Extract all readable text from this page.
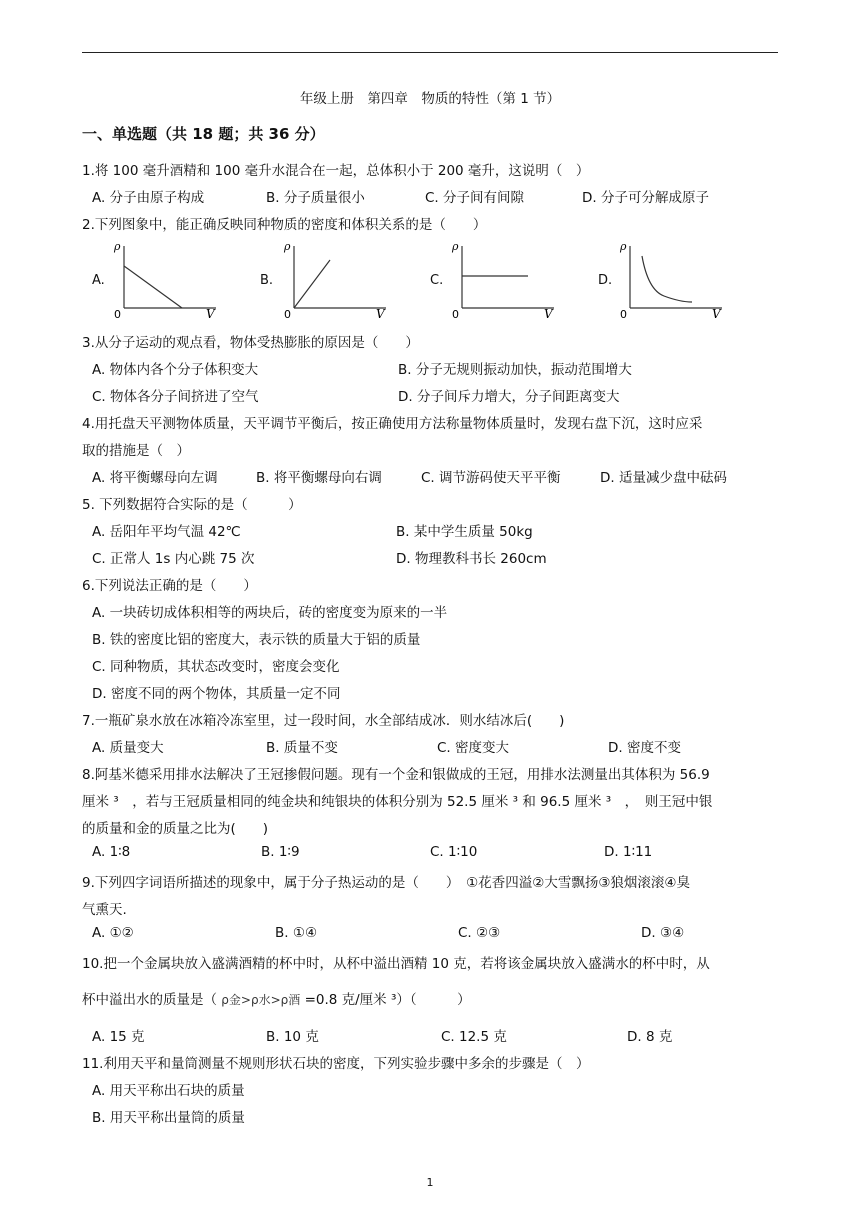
年级上册　第四章　物质的特性（第 1 节）
一、单选题（共 18 题；共 36 分）
1.将 100 毫升酒精和 100 毫升水混合在一起，总体积小于 200 毫升，这说明（　）
A. 分子由原子构成	B. 分子质量很小	C. 分子间有间隙	D. 分子可分解成原子
2.下列图象中，能正确反映同种物质的密度和体积关系的是（　　）
A.	B.	C.	D.
ρ
V
0
ρ
V
0
ρ
V
0
ρ
V
0
3.从分子运动的观点看，物体受热膨胀的原因是（　　）
A. 物体内各个分子体积变大	B. 分子无规则振动加快，振动范围增大
C. 物体各分子间挤进了空气	D. 分子间斥力增大，分子间距离变大
4.用托盘天平测物体质量，天平调节平衡后，按正确使用方法称量物体质量时，发现右盘下沉，这时应采
取的措施是（　）
A. 将平衡螺母向左调	B. 将平衡螺母向右调	C. 调节游码使天平平衡	D. 适量减少盘中砝码
5. 下列数据符合实际的是（　　　）
A. 岳阳年平均气温 42℃	B. 某中学生质量 50kg
C. 正常人 1s 内心跳 75 次	D. 物理教科书长 260cm
6.下列说法正确的是（　　）
A. 一块砖切成体积相等的两块后，砖的密度变为原来的一半
B. 铁的密度比铝的密度大，表示铁的质量大于铝的质量
C. 同种物质，其状态改变时，密度会变化
D. 密度不同的两个物体，其质量一定不同
7.一瓶矿泉水放在冰箱冷冻室里，过一段时间，水全部结成冰．则水结冰后(　　)
A. 质量变大	B. 质量不变	C. 密度变大	D. 密度不变
8.阿基米德采用排水法解决了王冠掺假问题。现有一个金和银做成的王冠，用排水法测量出其体积为 56.9
厘米 ³　，若与王冠质量相同的纯金块和纯银块的体积分别为 52.5 厘米 ³ 和 96.5 厘米 ³　，　则王冠中银
的质量和金的质量之比为(　　)
A. 1∶8	B. 1∶9	C. 1∶10	D. 1∶11
9.下列四字词语所描述的现象中，属于分子热运动的是（　　）　①花香四溢②大雪飘扬③狼烟滚滚④臭
气熏天.
A. ①②	B. ①④	C. ②③	D. ③④
10.把一个金属块放入盛满酒精的杯中时，从杯中溢出酒精 10 克，若将该金属块放入盛满水的杯中时，从
杯中溢出水的质量是（ ρ金>ρ水>ρ酒 =0.8 克/厘米 ³）（　　　）
A. 15 克	B. 10 克	C. 12.5 克	D. 8 克
11.利用天平和量筒测量不规则形状石块的密度，下列实验步骤中多余的步骤是（　）
A. 用天平称出石块的质量
B. 用天平称出量筒的质量
1
